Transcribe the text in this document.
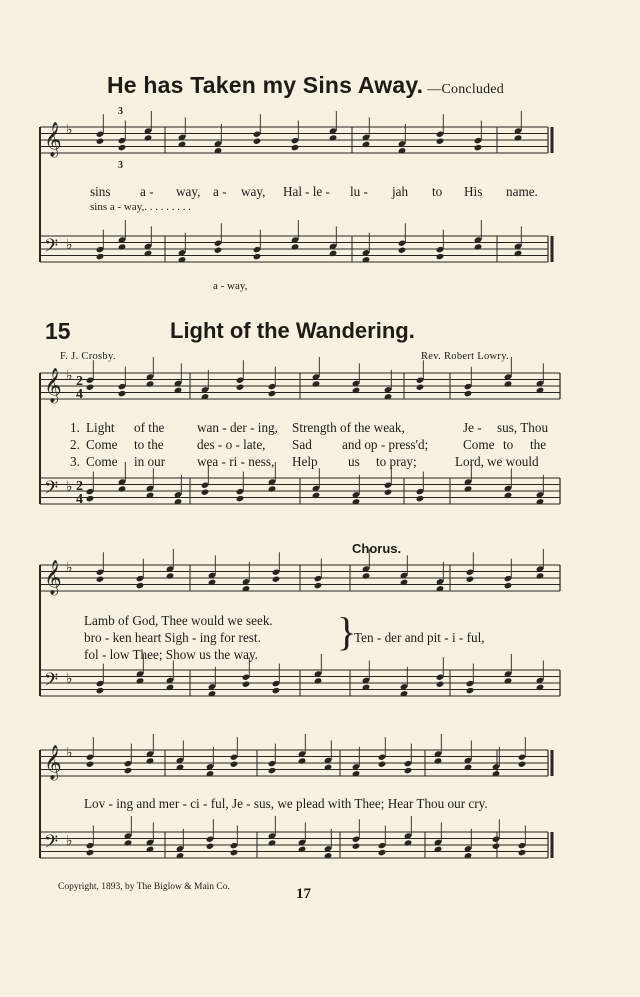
𝄞
𝄢
♭
♭
𝄞
𝄢
♭
♭
2
4
2
4
𝄞
𝄢
♭
♭
𝄞
𝄢
♭
♭
He has Taken my Sins Away. —Concluded
3
3
sins a - way, a - way, Hal - le - lu - jah to His name.
sins a - way,. . . . . . . . .
a - way,
15	Light of the Wandering.
F. J. Crosby.	Rev. Robert Lowry.
1. Light of the wan - der - ing, Strength of the weak,	Je - sus, Thou
2. Come to the	des - o - late, Sad and op - press'd;	Come to the
3. Come in our wea - ri - ness, Help us to pray;	Lord, we would
Chorus.
Lamb of God, Thee would we seek.
bro - ken heart Sigh - ing for rest.
fol - low Thee; Show us the way.
}
Ten - der and pit - i - ful,
Lov - ing and mer - ci - ful, Je - sus, we plead with Thee; Hear Thou our cry.
Copyright, 1893, by The Biglow & Main Co.	17
